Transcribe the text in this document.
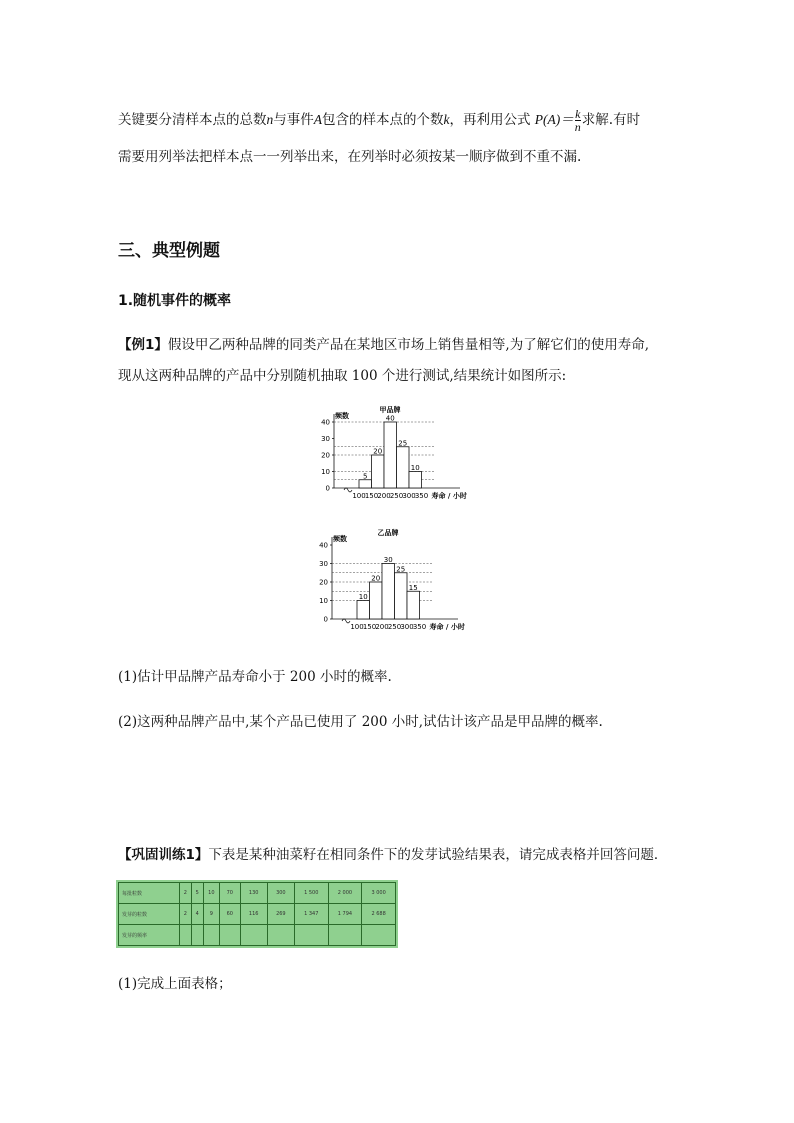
关键要分清样本点的总数n与事件A包含的样本点的个数k，再利用公式 $P(A)= \frac{k}{n}$ 求解.有时
需要用列举法把样本点一一列举出来，在列举时必须按某一顺序做到不重不漏.
三、典型例题
1.随机事件的概率
【例1】假设甲乙两种品牌的同类产品在某地区市场上销售量相等,为了解它们的使用寿命,
现从这两种品牌的产品中分别随机抽取 100 个进行测试,结果统计如图所示:
甲品牌
频数
0
10
20
30
40
5
20
40
25
10
100 150 200 250 300 350 寿命 / 小时
乙品牌
频数
0
10
20
30
40
10
20
30
25
15
100 150 200 250 300 350 寿命 / 小时
(1)估计甲品牌产品寿命小于 200 小时的概率.
(2)这两种品牌产品中,某个产品已使用了 200 小时,试估计该产品是甲品牌的概率.
【巩固训练1】下表是某种油菜籽在相同条件下的发芽试验结果表，请完成表格并回答问题．
每批粒数	2	5	10	70	130	300	1 500	2 000	3 000
发芽的粒数	2	4	9	60	116	269	1 347	1 794	2 688
发芽的频率									
(1)完成上面表格；
